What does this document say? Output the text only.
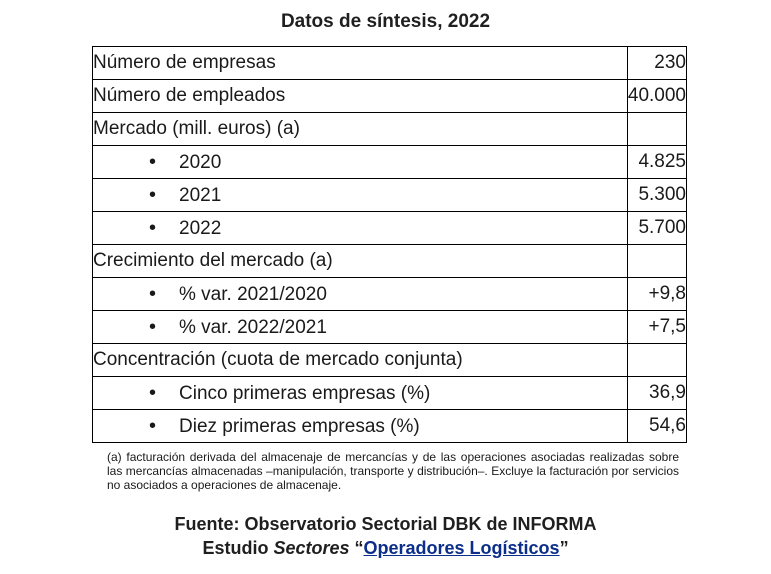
Datos de síntesis, 2022
Número de empresas	230
Número de empleados	40.000
Mercado (mill. euros) (a)	
• 2020	4.825
• 2021	5.300
• 2022	5.700
Crecimiento del mercado (a)	
• % var. 2021/2020	+9,8
• % var. 2022/2021	+7,5
Concentración (cuota de mercado conjunta)	
• Cinco primeras empresas (%)	36,9
• Diez primeras empresas (%)	54,6
(a) facturación derivada del almacenaje de mercancías y de las operaciones asociadas realizadas sobre las mercancías almacenadas –manipulación, transporte y distribución–. Excluye la facturación por servicios no asociados a operaciones de almacenaje.
Fuente: Observatorio Sectorial DBK de INFORMA
Estudio Sectores “Operadores Logísticos”
